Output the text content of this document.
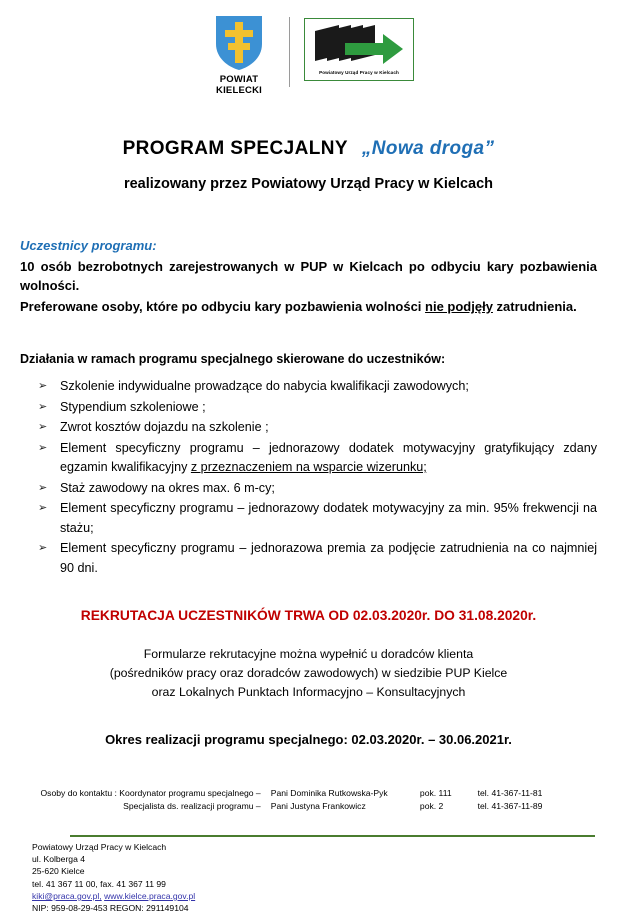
POWIAT
KIELECKI
Powiatowy Urząd Pracy w Kielcach
PROGRAM SPECJALNY „Nowa droga”
realizowany przez Powiatowy Urząd Pracy w Kielcach
Uczestnicy programu:
10 osób bezrobotnych zarejestrowanych w PUP w Kielcach po odbyciu kary pozbawienia wolności.
Preferowane osoby, które po odbyciu kary pozbawienia wolności nie podjęły zatrudnienia.
Działania w ramach programu specjalnego skierowane do uczestników:
➢ Szkolenie indywidualne prowadzące do nabycia kwalifikacji zawodowych;
➢ Stypendium szkoleniowe ;
➢ Zwrot kosztów dojazdu na szkolenie ;
➢ Element specyficzny programu – jednorazowy dodatek motywacyjny gratyfikujący zdany egzamin kwalifikacyjny z przeznaczeniem na wsparcie wizerunku;
➢ Staż zawodowy na okres max. 6 m-cy;
➢ Element specyficzny programu – jednorazowy dodatek motywacyjny za min. 95% frekwencji na stażu;
➢ Element specyficzny programu – jednorazowa premia za podjęcie zatrudnienia na co najmniej 90 dni.
REKRUTACJA UCZESTNIKÓW TRWA OD 02.03.2020r. DO 31.08.2020r.
Formularze rekrutacyjne można wypełnić u doradców klienta
(pośredników pracy oraz doradców zawodowych) w siedzibie PUP Kielce
oraz Lokalnych Punktach Informacyjno – Konsultacyjnych
Okres realizacji programu specjalnego: 02.03.2020r. – 30.06.2021r.
Osoby do kontaktu : Koordynator programu specjalnego –	Pani Dominika Rutkowska-Pyk	pok. 111	tel. 41-367-11-81
Specjalista ds. realizacji programu –	Pani Justyna Frankowicz	pok. 2	tel. 41-367-11-89
Powiatowy Urząd Pracy w Kielcach
ul. Kolberga 4
25-620 Kielce
tel. 41 367 11 00, fax. 41 367 11 99
kiki@praca.gov.pl, www.kielce.praca.gov.pl
NIP: 959-08-29-453 REGON: 291149104
